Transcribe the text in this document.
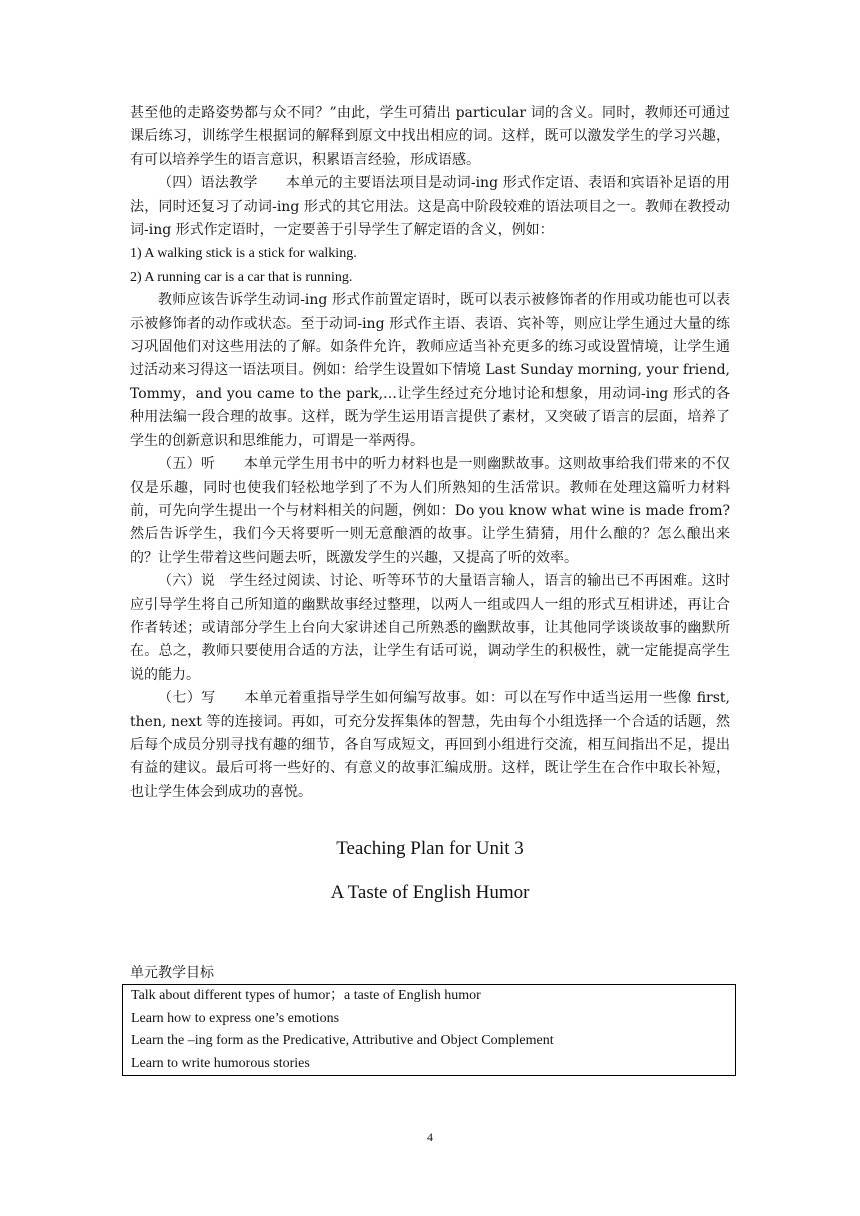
甚至他的走路姿势都与众不同？”由此，学生可猜出 particular 词的含义。同时，教师还可通过课后练习，训练学生根据词的解释到原文中找出相应的词。这样，既可以激发学生的学习兴趣，有可以培养学生的语言意识，积累语言经验，形成语感。

（四）语法教学　　本单元的主要语法项目是动词-ing 形式作定语、表语和宾语补足语的用法，同时还复习了动词-ing 形式的其它用法。这是高中阶段较难的语法项目之一。教师在教授动词-ing 形式作定语时，一定要善于引导学生了解定语的含义，例如：

1) A walking stick is a stick for walking.

2) A running car is a car that is running.

教师应该告诉学生动词-ing 形式作前置定语时，既可以表示被修饰者的作用或功能也可以表示被修饰者的动作或状态。至于动词-ing 形式作主语、表语、宾补等，则应让学生通过大量的练习巩固他们对这些用法的了解。如条件允许，教师应适当补充更多的练习或设置情境，让学生通过活动来习得这一语法项目。例如：给学生设置如下情境 Last Sunday morning, your friend, Tommy，and you came to the park,…让学生经过充分地讨论和想象，用动词-ing 形式的各种用法编一段合理的故事。这样，既为学生运用语言提供了素材，又突破了语言的层面，培养了学生的创新意识和思维能力，可谓是一举两得。

（五）听　　本单元学生用书中的听力材料也是一则幽默故事。这则故事给我们带来的不仅仅是乐趣，同时也使我们轻松地学到了不为人们所熟知的生活常识。教师在处理这篇听力材料前，可先向学生提出一个与材料相关的问题，例如：Do you know what wine is made from? 然后告诉学生，我们今天将要听一则无意酿酒的故事。让学生猜猜，用什么酿的？怎么酿出来的？让学生带着这些问题去听，既激发学生的兴趣，又提高了听的效率。

（六）说　学生经过阅读、讨论、听等环节的大量语言输人，语言的输出已不再困难。这时应引导学生将自己所知道的幽默故事经过整理，以两人一组或四人一组的形式互相讲述，再让合作者转述；或请部分学生上台向大家讲述自己所熟悉的幽默故事，让其他同学谈谈故事的幽默所在。总之，教师只要使用合适的方法，让学生有话可说，调动学生的积极性，就一定能提高学生说的能力。

（七）写　　本单元着重指导学生如何编写故事。如：可以在写作中适当运用一些像 first, then, next 等的连接词。再如，可充分发挥集体的智慧，先由每个小组选择一个合适的话题，然后每个成员分别寻找有趣的细节，各自写成短文，再回到小组进行交流，相互间指出不足，提出有益的建议。最后可将一些好的、有意义的故事汇编成册。这样，既让学生在合作中取长补短，也让学生体会到成功的喜悦。

Teaching Plan for Unit 3
A Taste of English Humor
单元教学目标
Talk about different types of humor；a taste of English humor
Learn how to express one’s emotions
Learn the –ing form as the Predicative, Attributive and Object Complement
Learn to write humorous stories
4
